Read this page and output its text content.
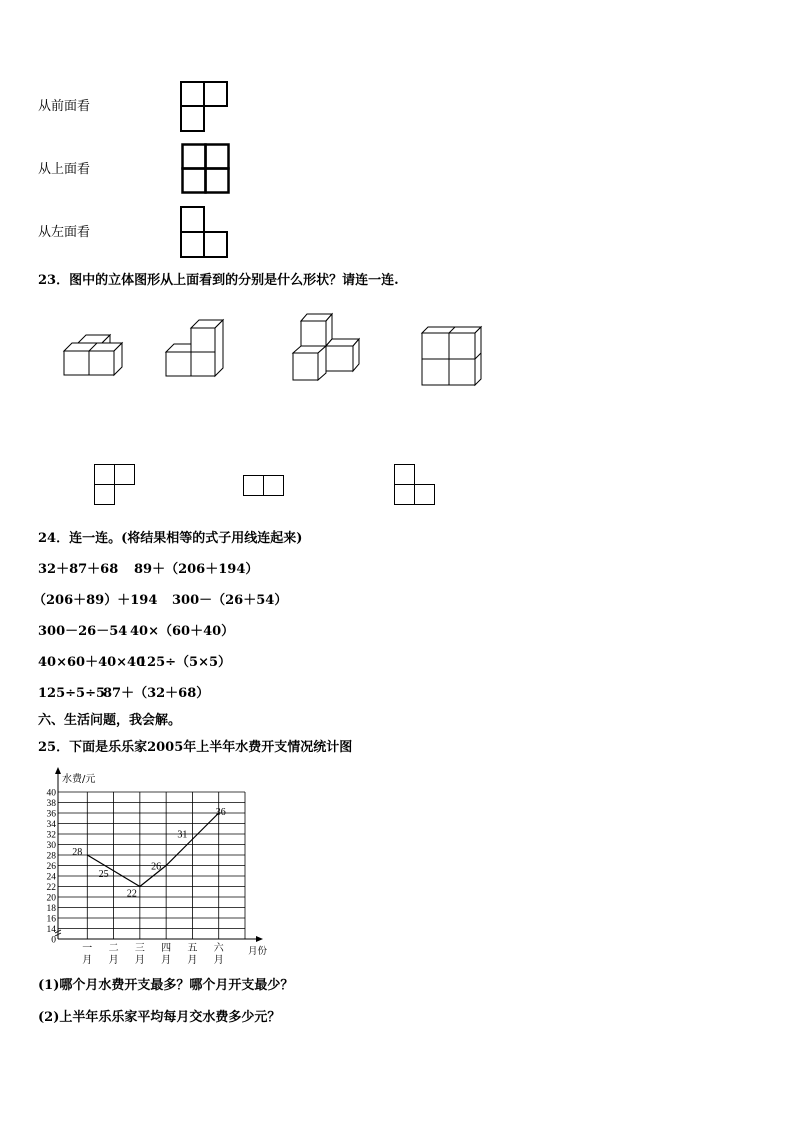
从前面看
从上面看
从左面看
23．图中的立体图形从上面看到的分别是什么形状？请连一连.
24．连一连。(将结果相等的式子用线连起来)
32＋87＋68 89＋（206＋194）
（206＋89）＋194 300－（26＋54）
300－26－54 40×（60＋40）
40×60＋40×40
125÷（5×5）
125÷5÷5
87＋（32＋68）
六、生活问题，我会解。
25．下面是乐乐家2005年上半年水费开支情况统计图
0
14
16
18
20
22
24
26
28
30
32
34
36
38
40
水费/元
月份
一
月
二
月
三
月
四
月
五
月
六
月
28
25
22
26
31
36
(1)哪个月水费开支最多？哪个月开支最少？
(2)上半年乐乐家平均每月交水费多少元？
